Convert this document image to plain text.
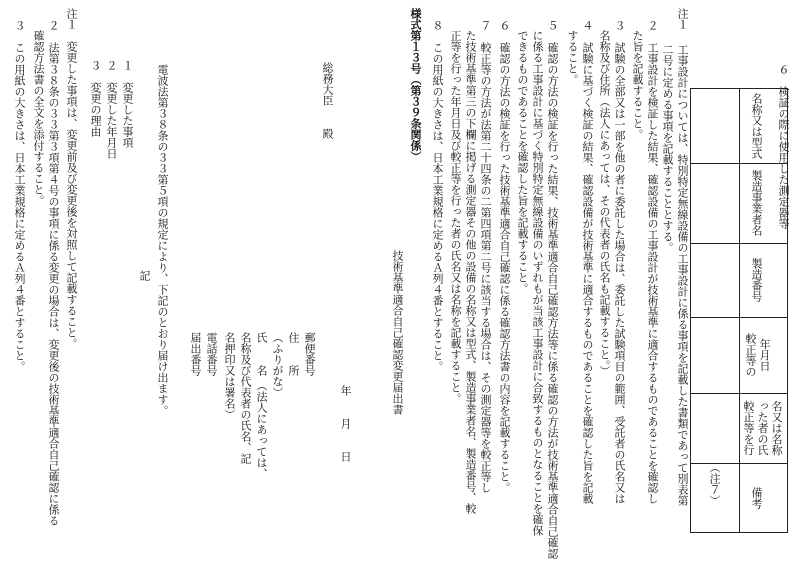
６　検証の際に使用した測定器等
名称又は型式
製造事業者名
製造番号
較正等の 年月日
較正等を行 った者の氏 名又は名称
備考
（注７）
注１
工事設計については、特別特定無線設備の工事設計に係る事項を記載した書類であって別表第
二号に定める事項を記載することとする。
２　工事設計を検証した結果、確認設備の工事設計が技術基準に適合するものであることを確認し
た旨を記載すること。
３　試験の全部又は一部を他の者に委託した場合は、委託した試験項目の範囲、受託者の氏名又は
名称及び住所（法人にあっては、その代表者の氏名も記載すること。）
４　試験に基づく検証の結果、確認設備が技術基準に適合するものであることを確認した旨を記載
すること。
５　確認の方法の検証を行った結果、技術基準適合自己確認方法等に係る確認の方法が技術基準適合自己確認
に係る工事設計に基づく特別特定無線設備のいずれもが当該工事設計に合致するものとなることを確保
できるものであることを確認した旨を記載すること。
６　確認の方法の検証を行った技術基準適合自己確認に係る確認方法書の内容を記載すること。
７　較正等の方法が法第二十四条の二第四項第二号に該当する場合は、その測定器等を較正等し
た技術基準第三の下欄に掲げる測定器その他の設備の名称又は型式、製造事業者名、製造番号、較
正等を行った年月日及び較正等を行った者の氏名又は名称を記載すること。
８　この用紙の大きさは、日本工業規格に定めるＡ列４番とすること。
様式第１３号（第３９条関係）
技術基準適合自己確認変更届出書
年　　月　　日
総務大臣　　殿
郵便番号
住　　所
（ふりがな）
氏　　名
（法人にあっては、
名称及び代表者の氏名、記
名押印又は署名）
電話番号
届出番号
電波法第３８条の３３第５項の規定により、下記のとおり届け出ます。
記
１　変更した事項
２　変更した年月日
３　変更の理由
注１　変更した事項は、変更前及び変更後を対照して記載すること。
２　法第３８条の３３第３項第４号の事項に係る変更の場合は、変更後の技術基準適合自己確認に係る
確認方法書の全文を添付すること。
３　この用紙の大きさは、日本工業規格に定めるＡ列４番とすること。
